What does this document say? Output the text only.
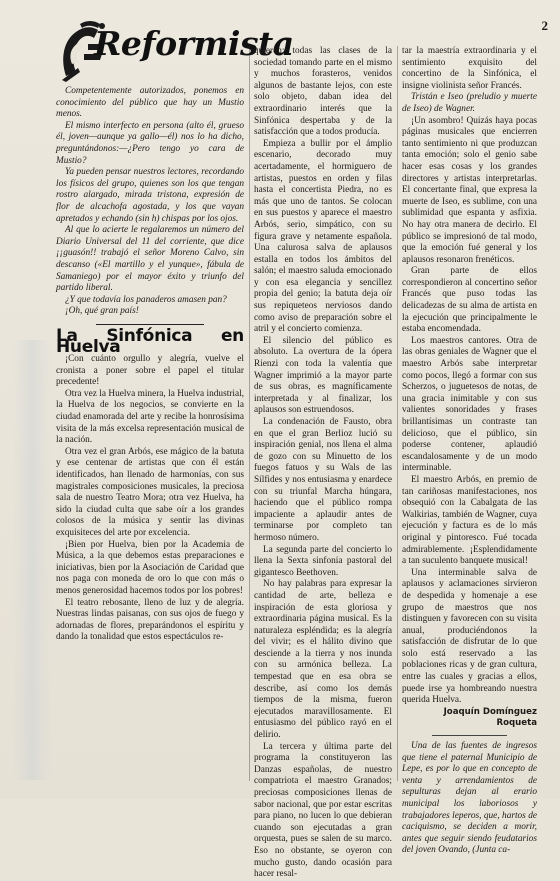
2
Reformista

Competentemente autorizados, ponemos en conocimiento del público que hay un Mustio menos.

El mismo interfecto en persona (alto él, grueso él, joven—aunque ya gallo—él) nos lo ha dicho, preguntándonos:—¿Pero tengo yo cara de Mustio?

Ya pueden pensar nuestros lectores, recordando los físicos del grupo, quienes son los que tengan rostro alargado, mirada tristona, expresión de flor de alcachofa agostada, y los que vayan apretados y echando (sin h) chispas por los ojos.

Al que lo acierte le regalaremos un número del Diario Universal del 11 del corriente, que dice ¡¡guasón!! trabajó el señor Moreno Calvo, sin descanso («El martillo y el yunque», fábula de Samaniego) por el mayor éxito y triunfo del partido liberal.

¿Y que todavía los panaderos amasen pan?

¡Oh, qué gran país!

La Sinfónica en Huelva

¡Con cuánto orgullo y alegría, vuelve el cronista a poner sobre el papel el titular precedente!

Otra vez la Huelva minera, la Huelva industrial, la Huelva de los negocios, se convierte en la ciudad enamorada del arte y recibe la honrosísima visita de la más excelsa representación musical de la nación.

Otra vez el gran Arbós, ese mágico de la batuta y ese centenar de artistas que con él están identificados, han llenado de harmonías, con sus magistrales composiciones musicales, la preciosa sala de nuestro Teatro Mora; otra vez Huelva, ha sido la ciudad culta que sabe oír a los grandes colosos de la música y sentir las divinas exquisiteces del arte por excelencia.

¡Bien por Huelva, bien por la Academia de Música, a la que debemos estas preparaciones e iniciativas, bien por la Asociación de Caridad que nos paga con moneda de oro lo que con más o menos generosidad hacemos todos por los pobres!

El teatro rebosante, lleno de luz y de alegría. Nuestras lindas paisanas, con sus ojos de fuego y adornadas de flores, preparándonos el espíritu y dando la tonalidad que estos espectáculos re-

quieren; todas las clases de la sociedad tomando parte en el mismo y muchos forasteros, venidos algunos de bastante lejos, con este solo objeto, daban idea del extraordinario interés que la Sinfónica despertaba y de la satisfacción que a todos producía.

Empieza a bullir por el ámplio escenario, decorado muy acertadamente, el hormiguero de artistas, puestos en orden y filas hasta el concertista Piedra, no es más que uno de tantos. Se colocan en sus puestos y aparece el maestro Arbós, serio, simpático, con su figura grave y netamente española. Una calurosa salva de aplausos estalla en todos los ámbitos del salón; el maestro saluda emocionado y con esa elegancia y sencillez propia del genio; la batuta deja oír sus repiqueteos nerviosos dando como aviso de preparación sobre el atril y el concierto comienza.

El silencio del público es absoluto. La overtura de la ópera Rienzi con toda la valentía que Wagner imprimió a la mayor parte de sus obras, es magníficamente interpretada y al finalizar, los aplausos son estruendosos.

La condenación de Fausto, obra en que el gran Berlioz lució su inspiración genial, nos llena el alma de gozo con su Minuetto de los fuegos fatuos y su Wals de las Sílfides y nos entusiasma y enardece con su triunfal Marcha húngara, haciendo que el público rompa impaciente a aplaudir antes de terminarse por completo tan hermoso número.

La segunda parte del concierto lo llena la Sexta sinfonía pastoral del gigantesco Beethoven.

No hay palabras para expresar la cantidad de arte, belleza e inspiración de esta gloriosa y extraordinaria página musical. Es la naturaleza espléndida; es la alegría del vivir; es el hálito divino que desciende a la tierra y nos inunda con su armónica belleza. La tempestad que en esa obra se describe, así como los demás tiempos de la misma, fueron ejecutados maravillosamente. El entusiasmo del público rayó en el delirio.

La tercera y última parte del programa la constituyeron las Danzas españolas, de nuestro compatriota el maestro Granados; preciosas composiciones llenas de sabor nacional, que por estar escritas para piano, no lucen lo que debieran cuando son ejecutadas a gran orquesta, pues se salen de su marco. Eso no obstante, se oyeron con mucho gusto, dando ocasión para hacer resal-

tar la maestría extraordinaria y el sentimiento exquisito del concertino de la Sinfónica, el insigne violinista señor Francés.

Tristán e Iseo (preludio y muerte de Iseo) de Wagner.

¡Un asombro! Quizás haya pocas páginas musicales que encierren tanto sentimiento ni que produzcan tanta emoción; solo el genio sabe hacer esas cosas y los grandes directores y artistas interpretarlas. El concertante final, que expresa la muerte de Iseo, es sublime, con una sublimidad que espanta y asfixia. No hay otra manera de decirlo. El público se impresionó de tal modo, que la emoción fué general y los aplausos resonaron frenéticos.

Gran parte de ellos correspondieron al concertino señor Francés que puso todas las delicadezas de su alma de artista en la ejecución que principalmente le estaba encomendada.

Los maestros cantores. Otra de las obras geniales de Wagner que el maestro Arbós sabe interpretar como pocos, llegó a formar con sus Scherzos, o juguetesos de notas, de una gracia inimitable y con sus valientes sonoridades y frases brillantísimas un contraste tan delicioso, que el público, sin poderse contener, aplaudió escandalosamente y de un modo interminable.

El maestro Arbós, en premio de tan cariñosas manifestaciones, nos obsequió con la Cabalgata de las Walkirias, también de Wagner, cuya ejecución y factura es de lo más original y pintoresco. Fué tocada admirablemente. ¡Esplendidamente a tan suculento banquete musical!

Una interminable salva de aplausos y aclamaciones sirvieron de despedida y homenaje a ese grupo de maestros que nos distinguen y favorecen con su visita anual, produciéndonos la satisfacción de disfrutar de lo que solo está reservado a las poblaciones ricas y de gran cultura, entre las cuales y gracias a ellos, puede irse ya hombreando nuestra querida Huelva.

Joaquín Domínguez Roqueta

Una de las fuentes de ingresos que tiene el paternal Municipio de Lepe, es por lo que en concepto de venta y arrendamientos de sepulturas dejan al erario municipal los laboriosos y trabajadores leperos, que, hartos de caciquismo, se deciden a morir, antes que seguir siendo feudatarios del joven Ovando, (Junta ca-
